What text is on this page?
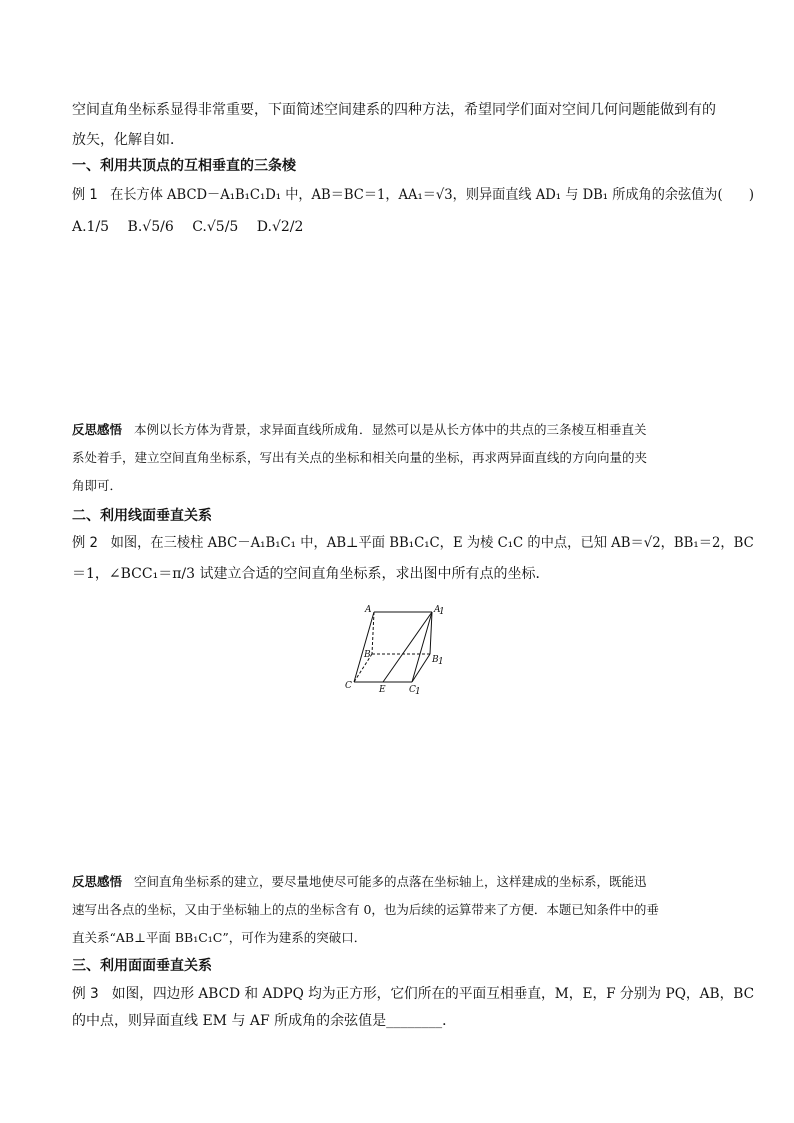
空间直角坐标系显得非常重要，下面简述空间建系的四种方法，希望同学们面对空间几何问题能做到有的
放矢，化解自如．
一、利用共顶点的互相垂直的三条棱
例 1 在长方体 ABCD－A₁B₁C₁D₁ 中，AB＝BC＝1，AA₁＝√3，则异面直线 AD₁ 与 DB₁ 所成角的余弦值为(　　)
A.1/5 B.√5/6 C.√5/5 D.√2/2
反思感悟 本例以长方体为背景，求异面直线所成角．显然可以是从长方体中的共点的三条棱互相垂直关
系处着手，建立空间直角坐标系，写出有关点的坐标和相关向量的坐标，再求两异面直线的方向向量的夹
角即可．
二、利用线面垂直关系
例 2 如图，在三棱柱 ABC－A₁B₁C₁ 中，AB⊥平面 BB₁C₁C，E 为棱 C₁C 的中点，已知 AB＝√2，BB₁＝2，BC
＝1，∠BCC₁＝π/3 试建立合适的空间直角坐标系，求出图中所有点的坐标．
A	A
1
B	B 1
C	E	C 1
反思感悟 空间直角坐标系的建立，要尽量地使尽可能多的点落在坐标轴上，这样建成的坐标系，既能迅
速写出各点的坐标，又由于坐标轴上的点的坐标含有 0，也为后续的运算带来了方便．本题已知条件中的垂
直关系“AB⊥平面 BB₁C₁C”，可作为建系的突破口．
三、利用面面垂直关系
例 3 如图，四边形 ABCD 和 ADPQ 均为正方形，它们所在的平面互相垂直，M，E，F 分别为 PQ，AB，BC
的中点，则异面直线 EM 与 AF 所成角的余弦值是________．
